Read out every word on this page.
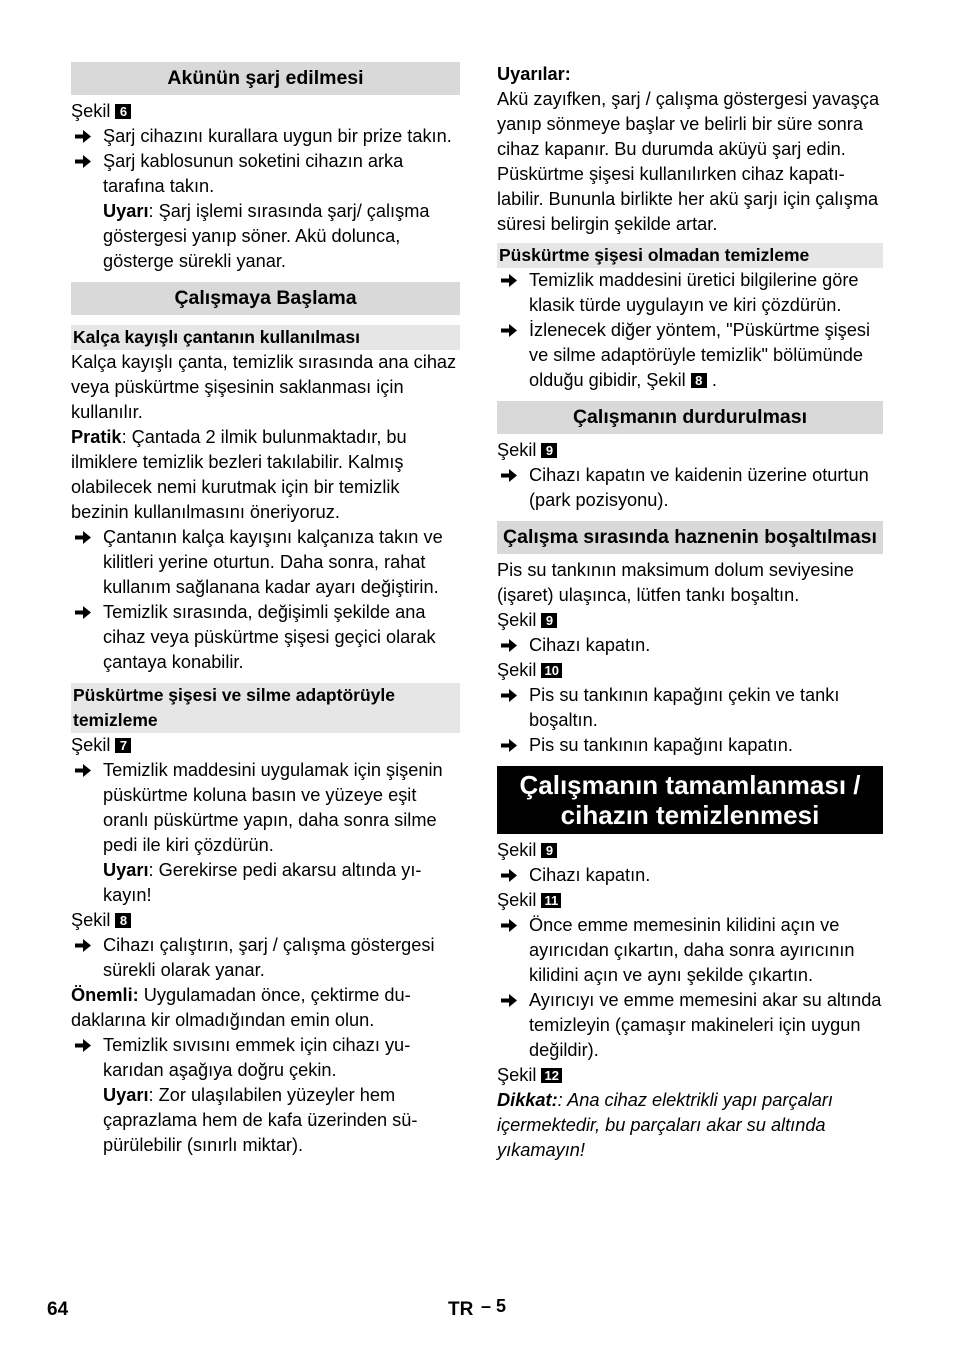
Akünün şarj edilmesi

Şekil 6

Şarj cihazını kurallara uygun bir prize takın.
Şarj kablosunun soketini cihazın arka tarafına takın.
Uyarı: Şarj işlemi sırasında şarj/ çalışma göstergesi yanıp söner. Akü dolunca, gösterge sürekli yanar.
Çalışmaya Başlama
Kalça kayışlı çantanın kullanılması

Kalça kayışlı çanta, temizlik sırasında ana cihaz veya püskürtme şişesinin saklanması için kullanılır.

Pratik: Çantada 2 ilmik bulunmaktadır, bu ilmiklere temizlik bezleri takılabilir. Kalmış olabilecek nemi kurutmak için bir temizlik bezinin kullanılmasını öneriyoruz.

Çantanın kalça kayışını kalçanıza takın ve kilitleri yerine oturtun. Daha sonra, rahat kullanım sağlanana kadar ayarı değiştirin.
Temizlik sırasında, değişimli şekilde ana cihaz veya püskürtme şişesi geçici olarak çantaya konabilir.
Püskürtme şişesi ve silme adaptörüyle temizleme

Şekil 7

Temizlik maddesini uygulamak için şişenin püskürtme koluna basın ve yüzeye eşit oranlı püskürtme yapın, daha sonra silme pedi ile kiri çözdürün.
Uyarı: Gerekirse pedi akarsu altında yıkayın!

Şekil 8

Cihazı çalıştırın, şarj / çalışma göstergesi sürekli olarak yanar.

Önemli: Uygulamadan önce, çektirme dudaklarına kir olmadığından emin olun.

Temizlik sıvısını emmek için cihazı yukarıdan aşağıya doğru çekin.
Uyarı: Zor ulaşılabilen yüzeyler hem çaprazlama hem de kafa üzerinden süpürülebilir (sınırlı miktar).

Uyarılar:

Akü zayıfken, şarj / çalışma göstergesi yavaşça yanıp sönmeye başlar ve belirli bir süre sonra cihaz kapanır. Bu durumda aküyü şarj edin.

Püskürtme şişesi kullanılırken cihaz kapatılabilir. Bununla birlikte her akü şarjı için çalışma süresi belirgin şekilde artar.

Püskürtme şişesi olmadan temizleme
Temizlik maddesini üretici bilgilerine göre klasik türde uygulayın ve kiri çözdürün.
İzlenecek diğer yöntem, "Püskürtme şişesi ve silme adaptörüyle temizlik" bölümünde olduğu gibidir, Şekil 8 .
Çalışmanın durdurulması

Şekil 9

Cihazı kapatın ve kaidenin üzerine oturtun (park pozisyonu).
Çalışma sırasında haznenin boşaltılması

Pis su tankının maksimum dolum seviyesine (işaret) ulaşınca, lütfen tankı boşaltın.

Şekil 9

Cihazı kapatın.

Şekil 10

Pis su tankının kapağını çekin ve tankı boşaltın.
Pis su tankının kapağını kapatın.
Çalışmanın tamamlanması / cihazın temizlenmesi

Şekil 9

Cihazı kapatın.

Şekil 11

Önce emme memesinin kilidini açın ve ayırıcıdan çıkartın, daha sonra ayırıcının kilidini açın ve aynı şekilde çıkartın.
Ayırıcıyı ve emme memesini akar su altında temizleyin (çamaşır makineleri için uygun değildir).

Şekil 12

Dikkat:: Ana cihaz elektrikli yapı parçaları içermektedir, bu parçaları akar su altında yıkamayın!

64	TR – 5
